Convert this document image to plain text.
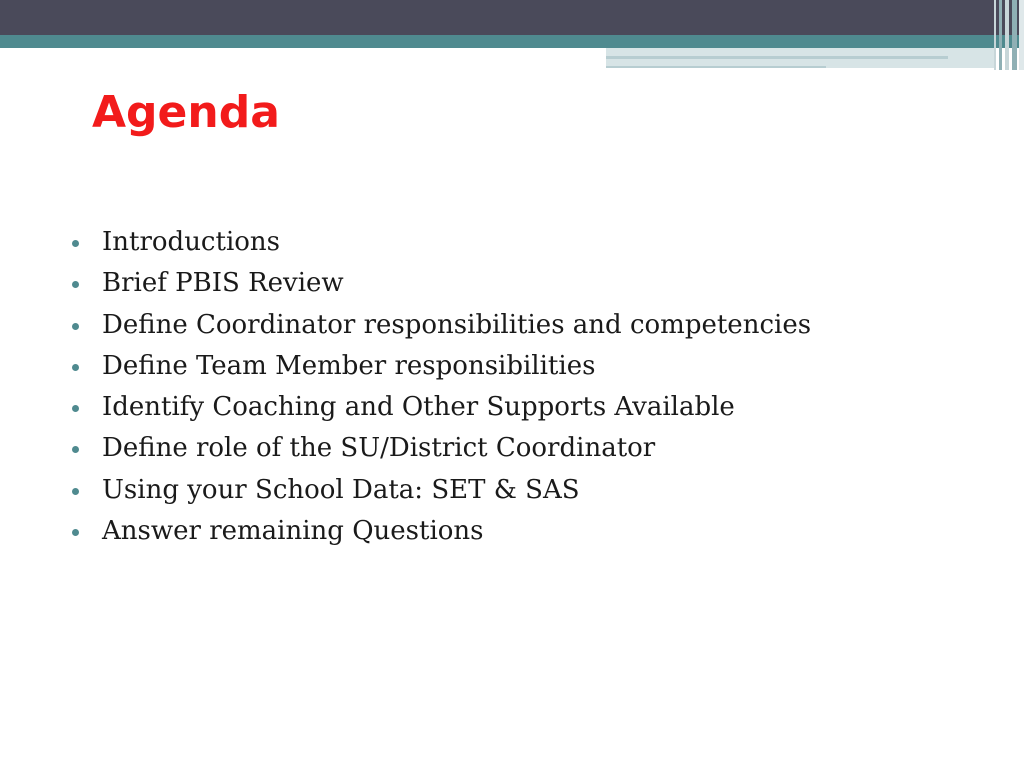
Agenda
Introductions
Brief PBIS Review
Define Coordinator responsibilities and competencies
Define Team Member responsibilities
Identify Coaching and Other Supports Available
Define role of the SU/District Coordinator
Using your School Data: SET & SAS
Answer remaining Questions
